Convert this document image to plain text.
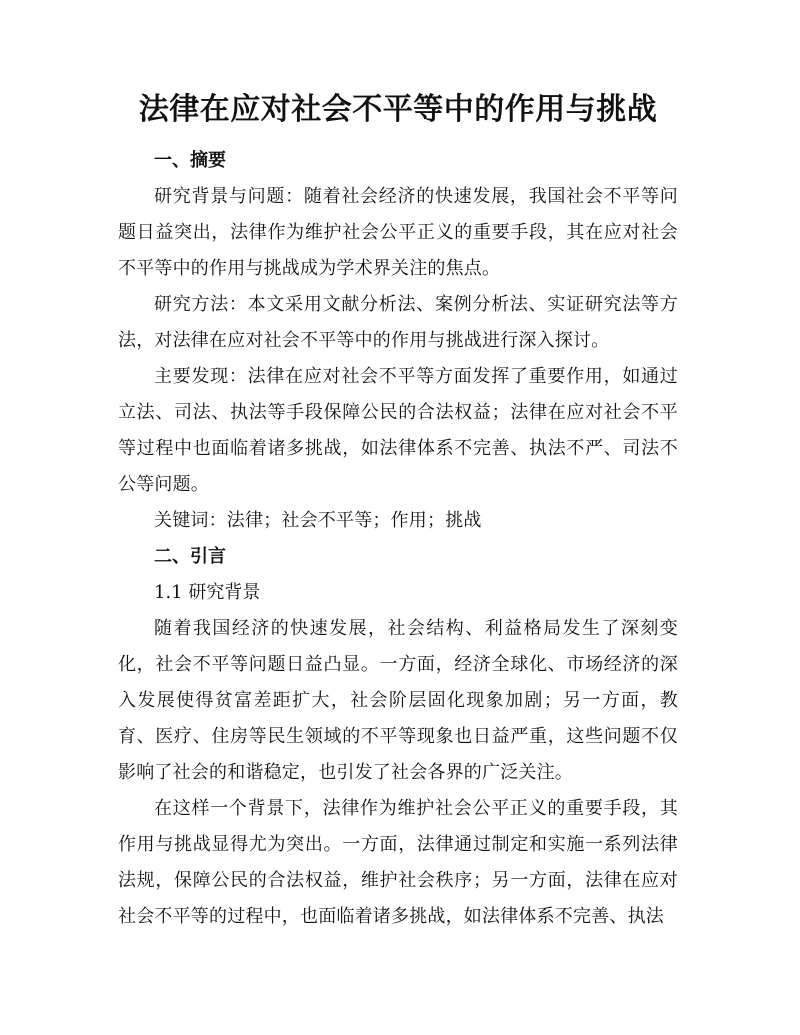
法律在应对社会不平等中的作用与挑战

一、摘要

研究背景与问题：随着社会经济的快速发展，我国社会不平等问题日益突出，法律作为维护社会公平正义的重要手段，其在应对社会不平等中的作用与挑战成为学术界关注的焦点。

研究方法：本文采用文献分析法、案例分析法、实证研究法等方法，对法律在应对社会不平等中的作用与挑战进行深入探讨。

主要发现：法律在应对社会不平等方面发挥了重要作用，如通过立法、司法、执法等手段保障公民的合法权益；法律在应对社会不平等过程中也面临着诸多挑战，如法律体系不完善、执法不严、司法不公等问题。

关键词：法律；社会不平等；作用；挑战

二、引言

1.1 研究背景

随着我国经济的快速发展，社会结构、利益格局发生了深刻变化，社会不平等问题日益凸显。一方面，经济全球化、市场经济的深入发展使得贫富差距扩大，社会阶层固化现象加剧；另一方面，教育、医疗、住房等民生领域的不平等现象也日益严重，这些问题不仅影响了社会的和谐稳定，也引发了社会各界的广泛关注。

在这样一个背景下，法律作为维护社会公平正义的重要手段，其作用与挑战显得尤为突出。一方面，法律通过制定和实施一系列法律法规，保障公民的合法权益，维护社会秩序；另一方面，法律在应对社会不平等的过程中，也面临着诸多挑战，如法律体系不完善、执法
